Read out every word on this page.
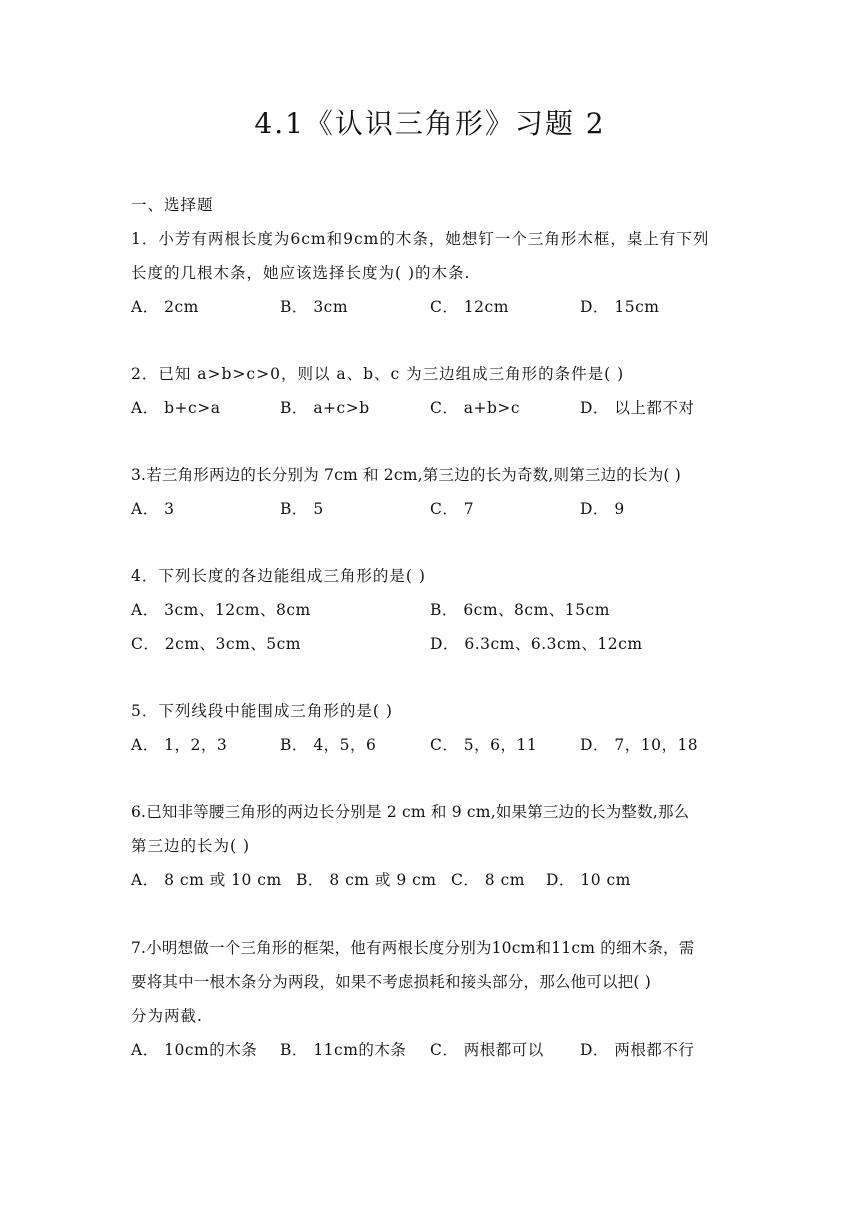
4.1《认识三角形》习题 2
一、选择题
1．小芳有两根长度为6cm和9cm的木条，她想钉一个三角形木框，桌上有下列
长度的几根木条，她应该选择长度为( )的木条.
A． 2cm	B． 3cm	C． 12cm	D． 15cm
2．已知 a>b>c>0，则以 a、b、c 为三边组成三角形的条件是( )
A． b+c>a	B． a+c>b	C． a+b>c	D． 以上都不对
3.若三角形两边的长分别为 7cm 和 2cm,第三边的长为奇数,则第三边的长为( )
A． 3	B． 5	C． 7	D． 9
4．下列长度的各边能组成三角形的是( )
A． 3cm、12cm、8cm	B． 6cm、8cm、15cm
C． 2cm、3cm、5cm	D． 6.3cm、6.3cm、12cm
5．下列线段中能围成三角形的是( )
A． 1，2，3	B． 4，5，6	C． 5，6，11	D． 7，10，18
6.已知非等腰三角形的两边长分别是 2 cm 和 9 cm,如果第三边的长为整数,那么
第三边的长为( )
A． 8 cm 或 10 cm B． 8 cm 或 9 cm C． 8 cm D． 10 cm
7.小明想做一个三角形的框架，他有两根长度分别为10cm和11cm 的细木条，需
要将其中一根木条分为两段，如果不考虑损耗和接头部分，那么他可以把( )
分为两截.
A． 10cm的木条 B． 11cm的木条 C． 两根都可以 D． 两根都不行
